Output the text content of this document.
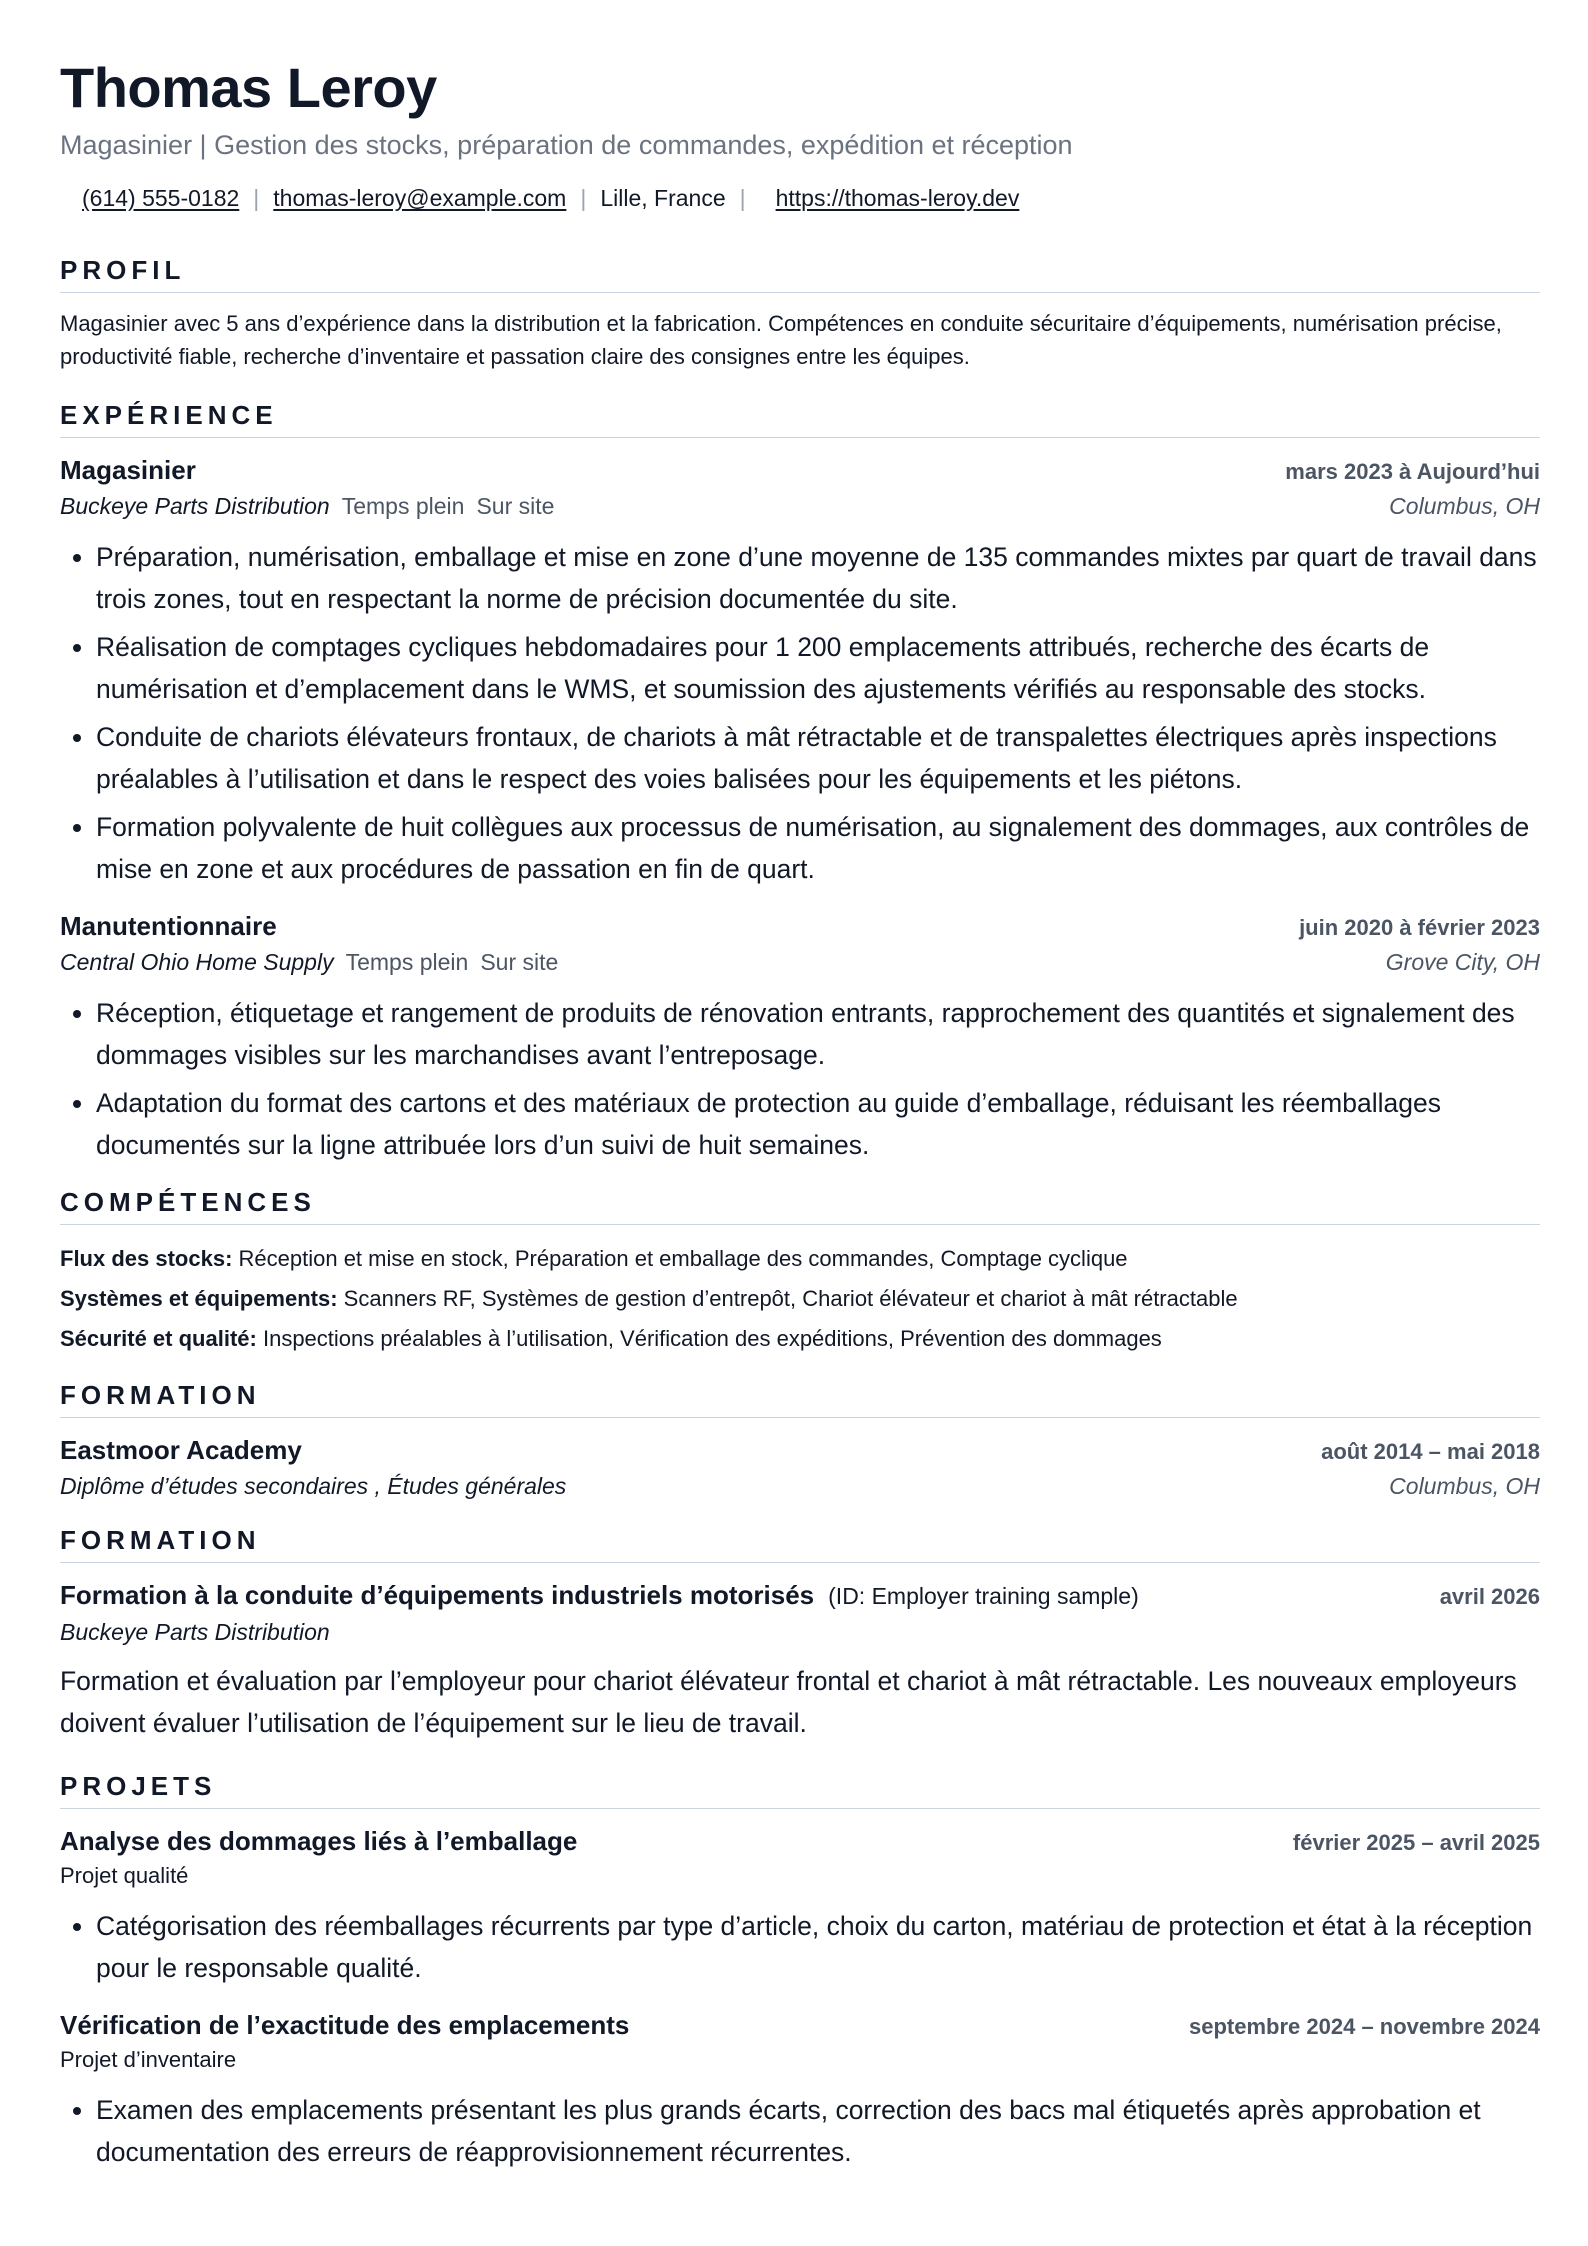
Thomas Leroy
Magasinier | Gestion des stocks, préparation de commandes, expédition et réception
(614) 555-0182 | thomas-leroy@example.com | Lille, France | https://thomas-leroy.dev
PROFIL
Magasinier avec 5 ans d’expérience dans la distribution et la fabrication. Compétences en conduite sécuritaire d’équipements, numérisation précise, productivité fiable, recherche d’inventaire et passation claire des consignes entre les équipes.
EXPÉRIENCE
Magasinier	mars 2023 à Aujourd’hui
Buckeye Parts Distribution Temps plein Sur site	Columbus, OH
• Préparation, numérisation, emballage et mise en zone d’une moyenne de 135 commandes mixtes par quart de travail dans trois zones, tout en respectant la norme de précision documentée du site.
• Réalisation de comptages cycliques hebdomadaires pour 1 200 emplacements attribués, recherche des écarts de numérisation et d’emplacement dans le WMS, et soumission des ajustements vérifiés au responsable des stocks.
• Conduite de chariots élévateurs frontaux, de chariots à mât rétractable et de transpalettes électriques après inspections préalables à l’utilisation et dans le respect des voies balisées pour les équipements et les piétons.
• Formation polyvalente de huit collègues aux processus de numérisation, au signalement des dommages, aux contrôles de mise en zone et aux procédures de passation en fin de quart.
Manutentionnaire	juin 2020 à février 2023
Central Ohio Home Supply Temps plein Sur site	Grove City, OH
• Réception, étiquetage et rangement de produits de rénovation entrants, rapprochement des quantités et signalement des dommages visibles sur les marchandises avant l’entreposage.
• Adaptation du format des cartons et des matériaux de protection au guide d’emballage, réduisant les réemballages documentés sur la ligne attribuée lors d’un suivi de huit semaines.
COMPÉTENCES
Flux des stocks: Réception et mise en stock, Préparation et emballage des commandes, Comptage cyclique
Systèmes et équipements: Scanners RF, Systèmes de gestion d’entrepôt, Chariot élévateur et chariot à mât rétractable
Sécurité et qualité: Inspections préalables à l’utilisation, Vérification des expéditions, Prévention des dommages
FORMATION
Eastmoor Academy	août 2014 – mai 2018
Diplôme d’études secondaires , Études générales	Columbus, OH
FORMATION
Formation à la conduite d’équipements industriels motorisés (ID: Employer training sample)	avril 2026
Buckeye Parts Distribution
Formation et évaluation par l’employeur pour chariot élévateur frontal et chariot à mât rétractable. Les nouveaux employeurs doivent évaluer l’utilisation de l’équipement sur le lieu de travail.
PROJETS
Analyse des dommages liés à l’emballage	février 2025 – avril 2025
Projet qualité
• Catégorisation des réemballages récurrents par type d’article, choix du carton, matériau de protection et état à la réception pour le responsable qualité.
Vérification de l’exactitude des emplacements	septembre 2024 – novembre 2024
Projet d’inventaire
• Examen des emplacements présentant les plus grands écarts, correction des bacs mal étiquetés après approbation et documentation des erreurs de réapprovisionnement récurrentes.
